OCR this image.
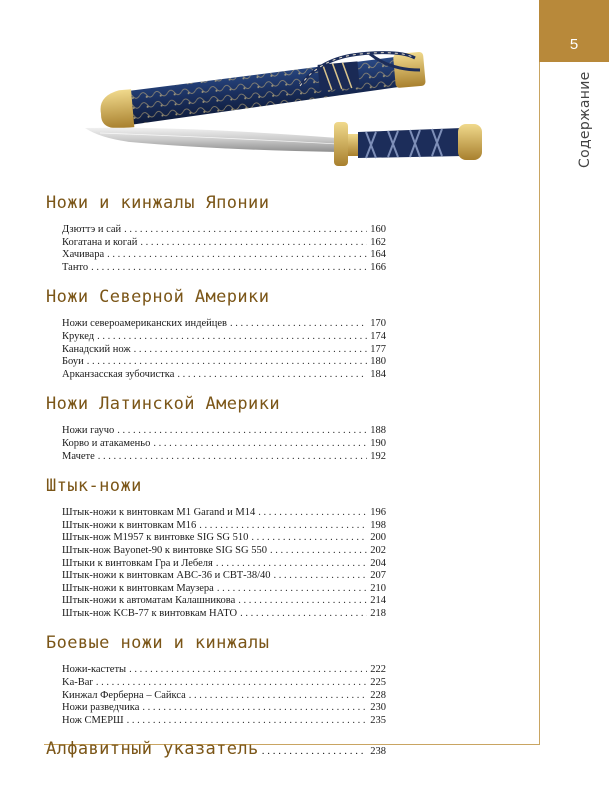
5
Содержание
Ножи и кинжалы Японии
Дзюттэ и сай . . .	160
Когатана и когай . . .	162
Хачивара . . .	164
Танто . . .	166
Ножи Северной Америки
Ножи североамериканских индейцев . . .	170
Крукед . . .	174
Канадский нож . . .	177
Боуи . . .	180
Арканзасская зубочистка . . .	184
Ножи Латинской Америки
Ножи гаучо . . .	188
Корво и атакаменьо . . .	190
Мачете . . .	192
Штык-ножи
Штык-ножи к винтовкам M1 Garand и M14 . . .	196
Штык-ножи к винтовкам M16 . . .	198
Штык-нож M1957 к винтовке SIG SG 510 . . .	200
Штык-нож Bayonet-90 к винтовке SIG SG 550 . . .	202
Штыки к винтовкам Гра и Лебеля . . .	204
Штык-ножи к винтовкам АВС-36 и СВТ-38/40 . . .	207
Штык-ножи к винтовкам Маузера . . .	210
Штык-ножи к автоматам Калашникова . . .	214
Штык-нож KCB-77 к винтовкам НАТО . . .	218
Боевые ножи и кинжалы
Ножи-кастеты . . .	222
Ka-Bar . . .	225
Кинжал Ферберна – Сайкса . . .	228
Ножи разведчика . . .	230
Нож СМЕРШ . . .	235
Алфавитный указатель . . .	238
